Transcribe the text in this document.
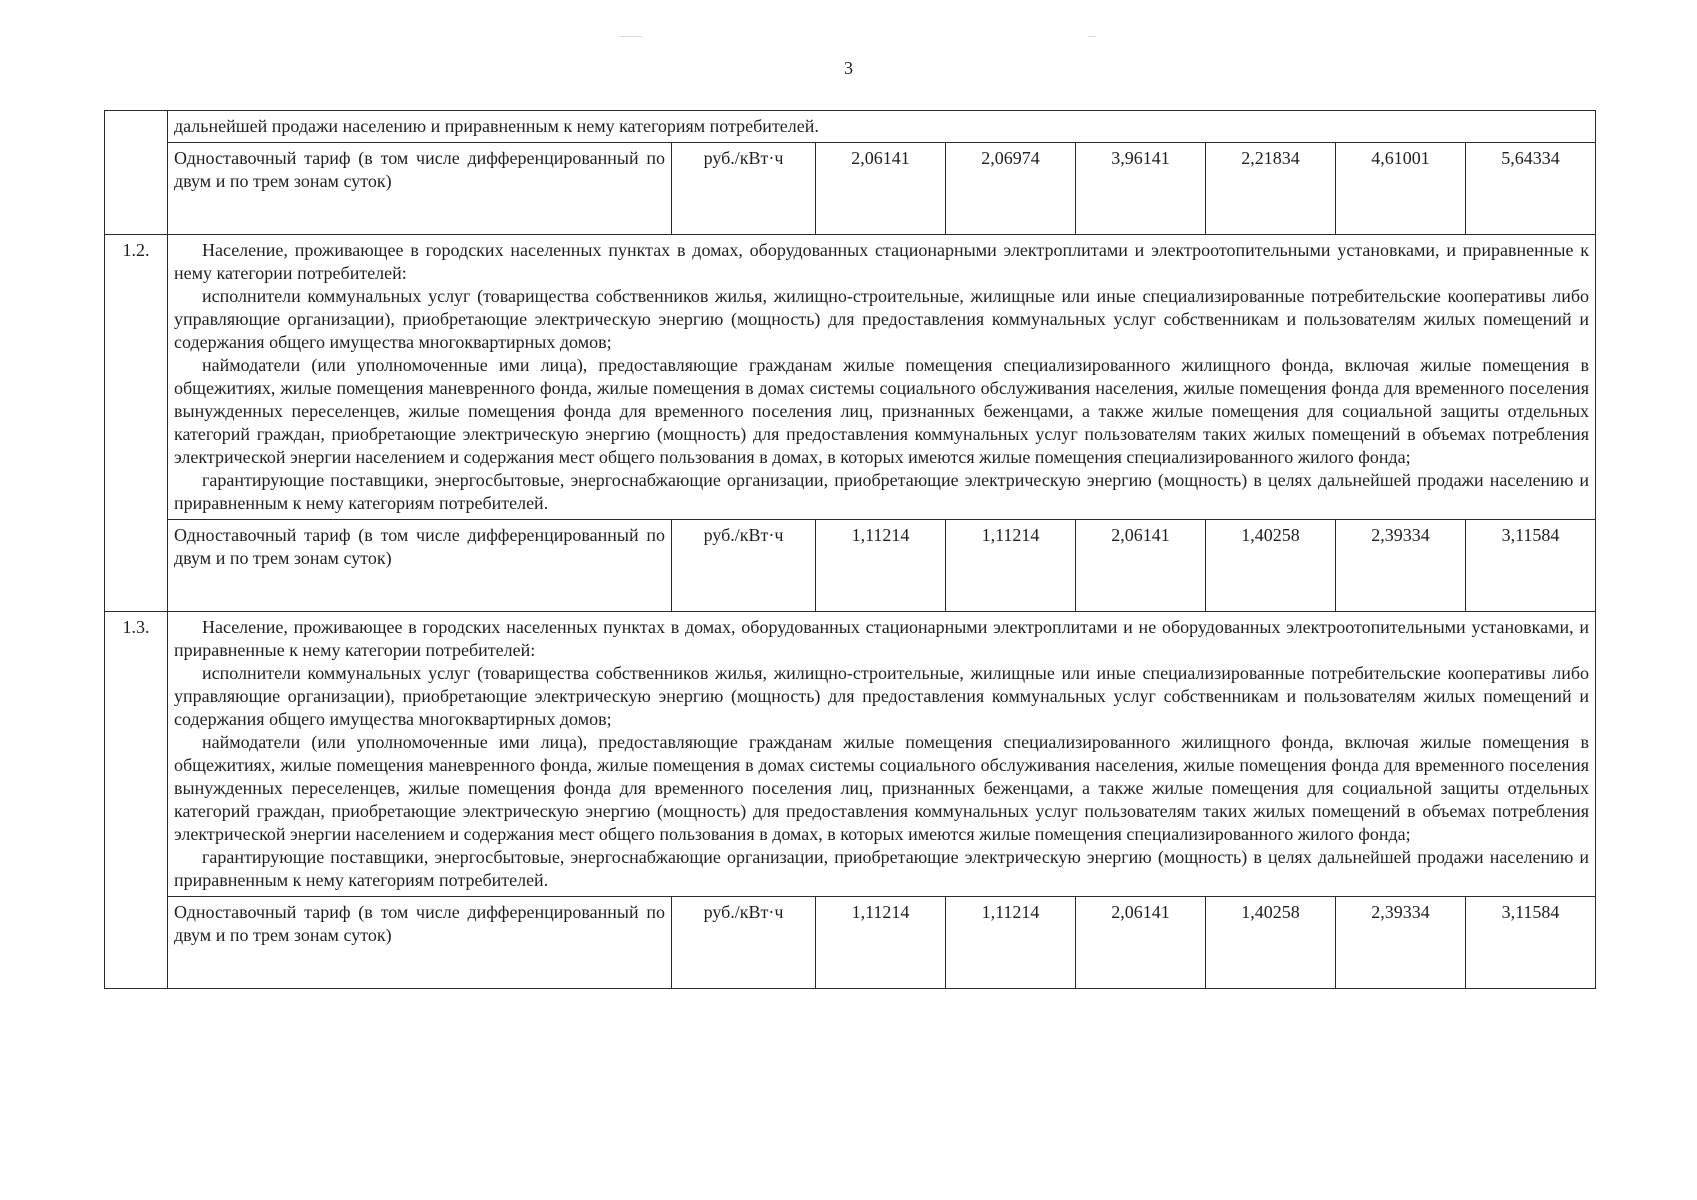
3

	дальнейшей продажи населению и приравненным к нему категориям потребителей.							

	Одноставочный тариф (в том числе дифференцированный по двум и по трем зонам суток)	руб./кВт·ч	2,06141	2,06974	3,96141	2,21834	4,61001	5,64334
1.2.	Население, проживающее в городских населенных пунктах в домах, оборудованных стационарными электроплитами и электроотопительными установками, и приравненные к нему категории потребителей:

исполнители коммунальных услуг (товарищества собственников жилья, жилищно-строительные, жилищные или иные специализированные потребительские кооперативы либо управляющие организации), приобретающие электрическую энергию (мощность) для предоставления коммунальных услуг собственникам и пользователям жилых помещений и содержания общего имущества многоквартирных домов;

наймодатели (или уполномоченные ими лица), предоставляющие гражданам жилые помещения специализированного жилищного фонда, включая жилые помещения в общежитиях, жилые помещения маневренного фонда, жилые помещения в домах системы социального обслуживания населения, жилые помещения фонда для временного поселения вынужденных переселенцев, жилые помещения фонда для временного поселения лиц, признанных беженцами, а также жилые помещения для социальной защиты отдельных категорий граждан, приобретающие электрическую энергию (мощность) для предоставления коммунальных услуг пользователям таких жилых помещений в объемах потребления электрической энергии населением и содержания мест общего пользования в домах, в которых имеются жилые помещения специализированного жилого фонда;

гарантирующие поставщики, энергосбытовые, энергоснабжающие организации, приобретающие электрическую энергию (мощность) в целях дальнейшей продажи населению и приравненным к нему категориям потребителей.							

	Одноставочный тариф (в том числе дифференцированный по двум и по трем зонам суток)	руб./кВт·ч	1,11214	1,11214	2,06141	1,40258	2,39334	3,11584
1.3.	Население, проживающее в городских населенных пунктах в домах, оборудованных стационарными электроплитами и не оборудованных электроотопительными установками, и приравненные к нему категории потребителей:

исполнители коммунальных услуг (товарищества собственников жилья, жилищно-строительные, жилищные или иные специализированные потребительские кооперативы либо управляющие организации), приобретающие электрическую энергию (мощность) для предоставления коммунальных услуг собственникам и пользователям жилых помещений и содержания общего имущества многоквартирных домов;

наймодатели (или уполномоченные ими лица), предоставляющие гражданам жилые помещения специализированного жилищного фонда, включая жилые помещения в общежитиях, жилые помещения маневренного фонда, жилые помещения в домах системы социального обслуживания населения, жилые помещения фонда для временного поселения вынужденных переселенцев, жилые помещения фонда для временного поселения лиц, признанных беженцами, а также жилые помещения для социальной защиты отдельных категорий граждан, приобретающие электрическую энергию (мощность) для предоставления коммунальных услуг пользователям таких жилых помещений в объемах потребления электрической энергии населением и содержания мест общего пользования в домах, в которых имеются жилые помещения специализированного жилого фонда;

гарантирующие поставщики, энергосбытовые, энергоснабжающие организации, приобретающие электрическую энергию (мощность) в целях дальнейшей продажи населению и приравненным к нему категориям потребителей.							

	Одноставочный тариф (в том числе дифференцированный по двум и по трем зонам суток)	руб./кВт·ч	1,11214	1,11214	2,06141	1,40258	2,39334	3,11584
